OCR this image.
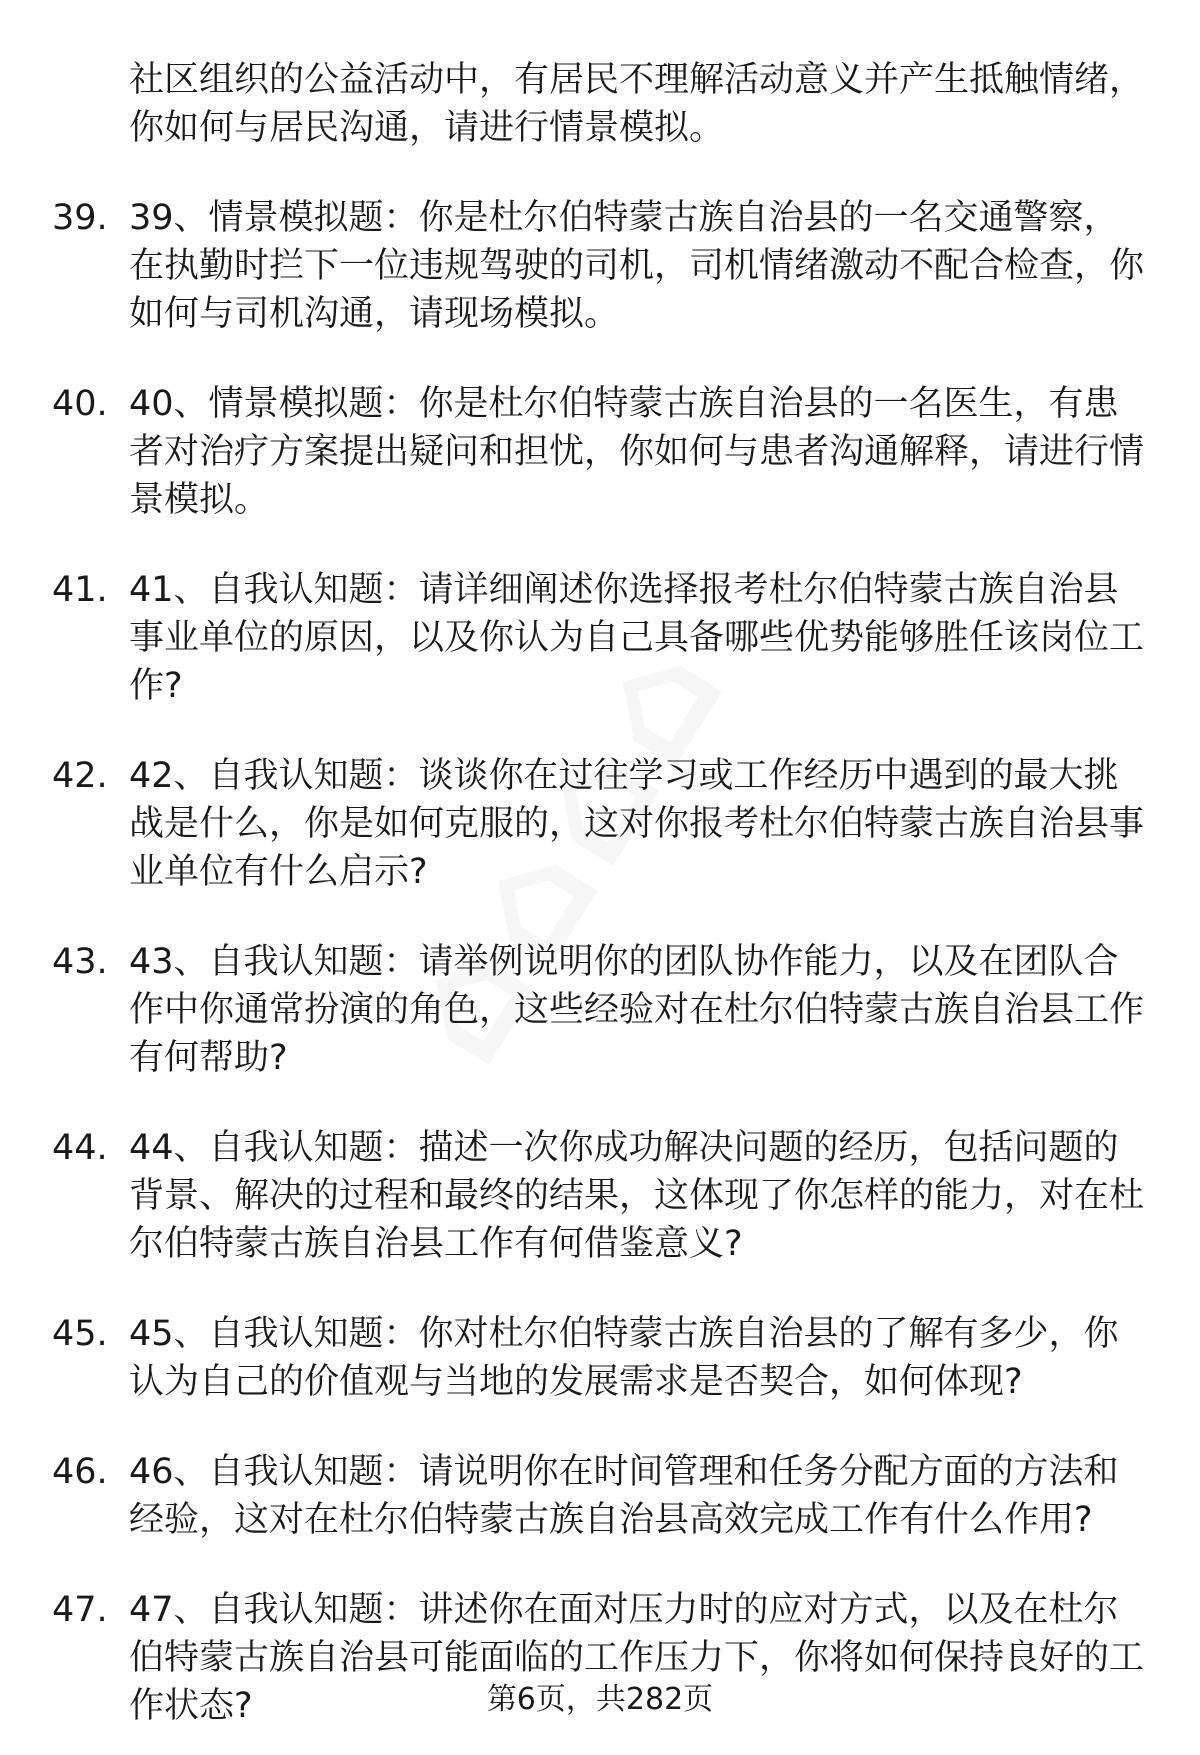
社区组织的公益活动中，有居民不理解活动意义并产生抵触情绪，你如何与居民沟通，请进行情景模拟。
39. 39、情景模拟题：你是杜尔伯特蒙古族自治县的一名交通警察，在执勤时拦下一位违规驾驶的司机，司机情绪激动不配合检查，你如何与司机沟通，请现场模拟。
40. 40、情景模拟题：你是杜尔伯特蒙古族自治县的一名医生，有患者对治疗方案提出疑问和担忧，你如何与患者沟通解释，请进行情景模拟。
41. 41、自我认知题：请详细阐述你选择报考杜尔伯特蒙古族自治县事业单位的原因，以及你认为自己具备哪些优势能够胜任该岗位工作?
42. 42、自我认知题：谈谈你在过往学习或工作经历中遇到的最大挑战是什么，你是如何克服的，这对你报考杜尔伯特蒙古族自治县事业单位有什么启示?
43. 43、自我认知题：请举例说明你的团队协作能力，以及在团队合作中你通常扮演的角色，这些经验对在杜尔伯特蒙古族自治县工作有何帮助?
44. 44、自我认知题：描述一次你成功解决问题的经历，包括问题的背景、解决的过程和最终的结果，这体现了你怎样的能力，对在杜尔伯特蒙古族自治县工作有何借鉴意义?
45. 45、自我认知题：你对杜尔伯特蒙古族自治县的了解有多少，你认为自己的价值观与当地的发展需求是否契合，如何体现?
46. 46、自我认知题：请说明你在时间管理和任务分配方面的方法和经验，这对在杜尔伯特蒙古族自治县高效完成工作有什么作用?
47. 47、自我认知题：讲述你在面对压力时的应对方式，以及在杜尔伯特蒙古族自治县可能面临的工作压力下，你将如何保持良好的工作状态?	第6页，共282页
